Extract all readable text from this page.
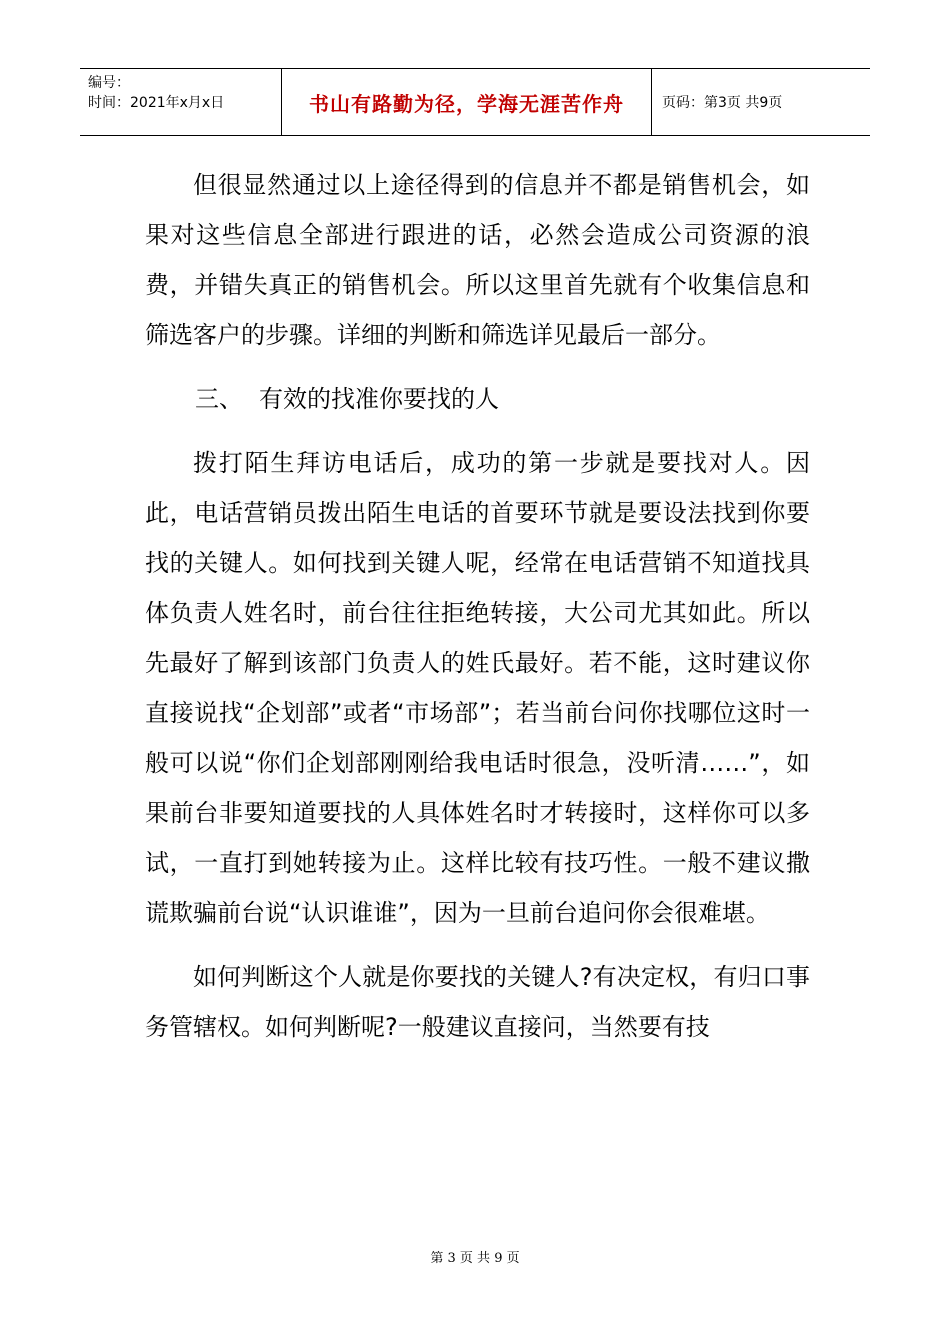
编号：
时间：2021年x月x日	书山有路勤为径，学海无涯苦作舟	页码：第3页 共9页

但很显然通过以上途径得到的信息并不都是销售机会，如果对这些信息全部进行跟进的话，必然会造成公司资源的浪费，并错失真正的销售机会。所以这里首先就有个收集信息和筛选客户的步骤。详细的判断和筛选详见最后一部分。

三、 有效的找准你要找的人

拨打陌生拜访电话后，成功的第一步就是要找对人。因此，电话营销员拨出陌生电话的首要环节就是要设法找到你要找的关键人。如何找到关键人呢，经常在电话营销不知道找具体负责人姓名时，前台往往拒绝转接，大公司尤其如此。所以先最好了解到该部门负责人的姓氏最好。若不能，这时建议你直接说找“企划部”或者“市场部”；若当前台问你找哪位这时一般可以说“你们企划部刚刚给我电话时很急，没听清……”，如果前台非要知道要找的人具体姓名时才转接时，这样你可以多试，一直打到她转接为止。这样比较有技巧性。一般不建议撒谎欺骗前台说“认识谁谁”，因为一旦前台追问你会很难堪。

如何判断这个人就是你要找的关键人?有决定权，有归口事务管辖权。如何判断呢?一般建议直接问，当然要有技

第 3 页 共 9 页
